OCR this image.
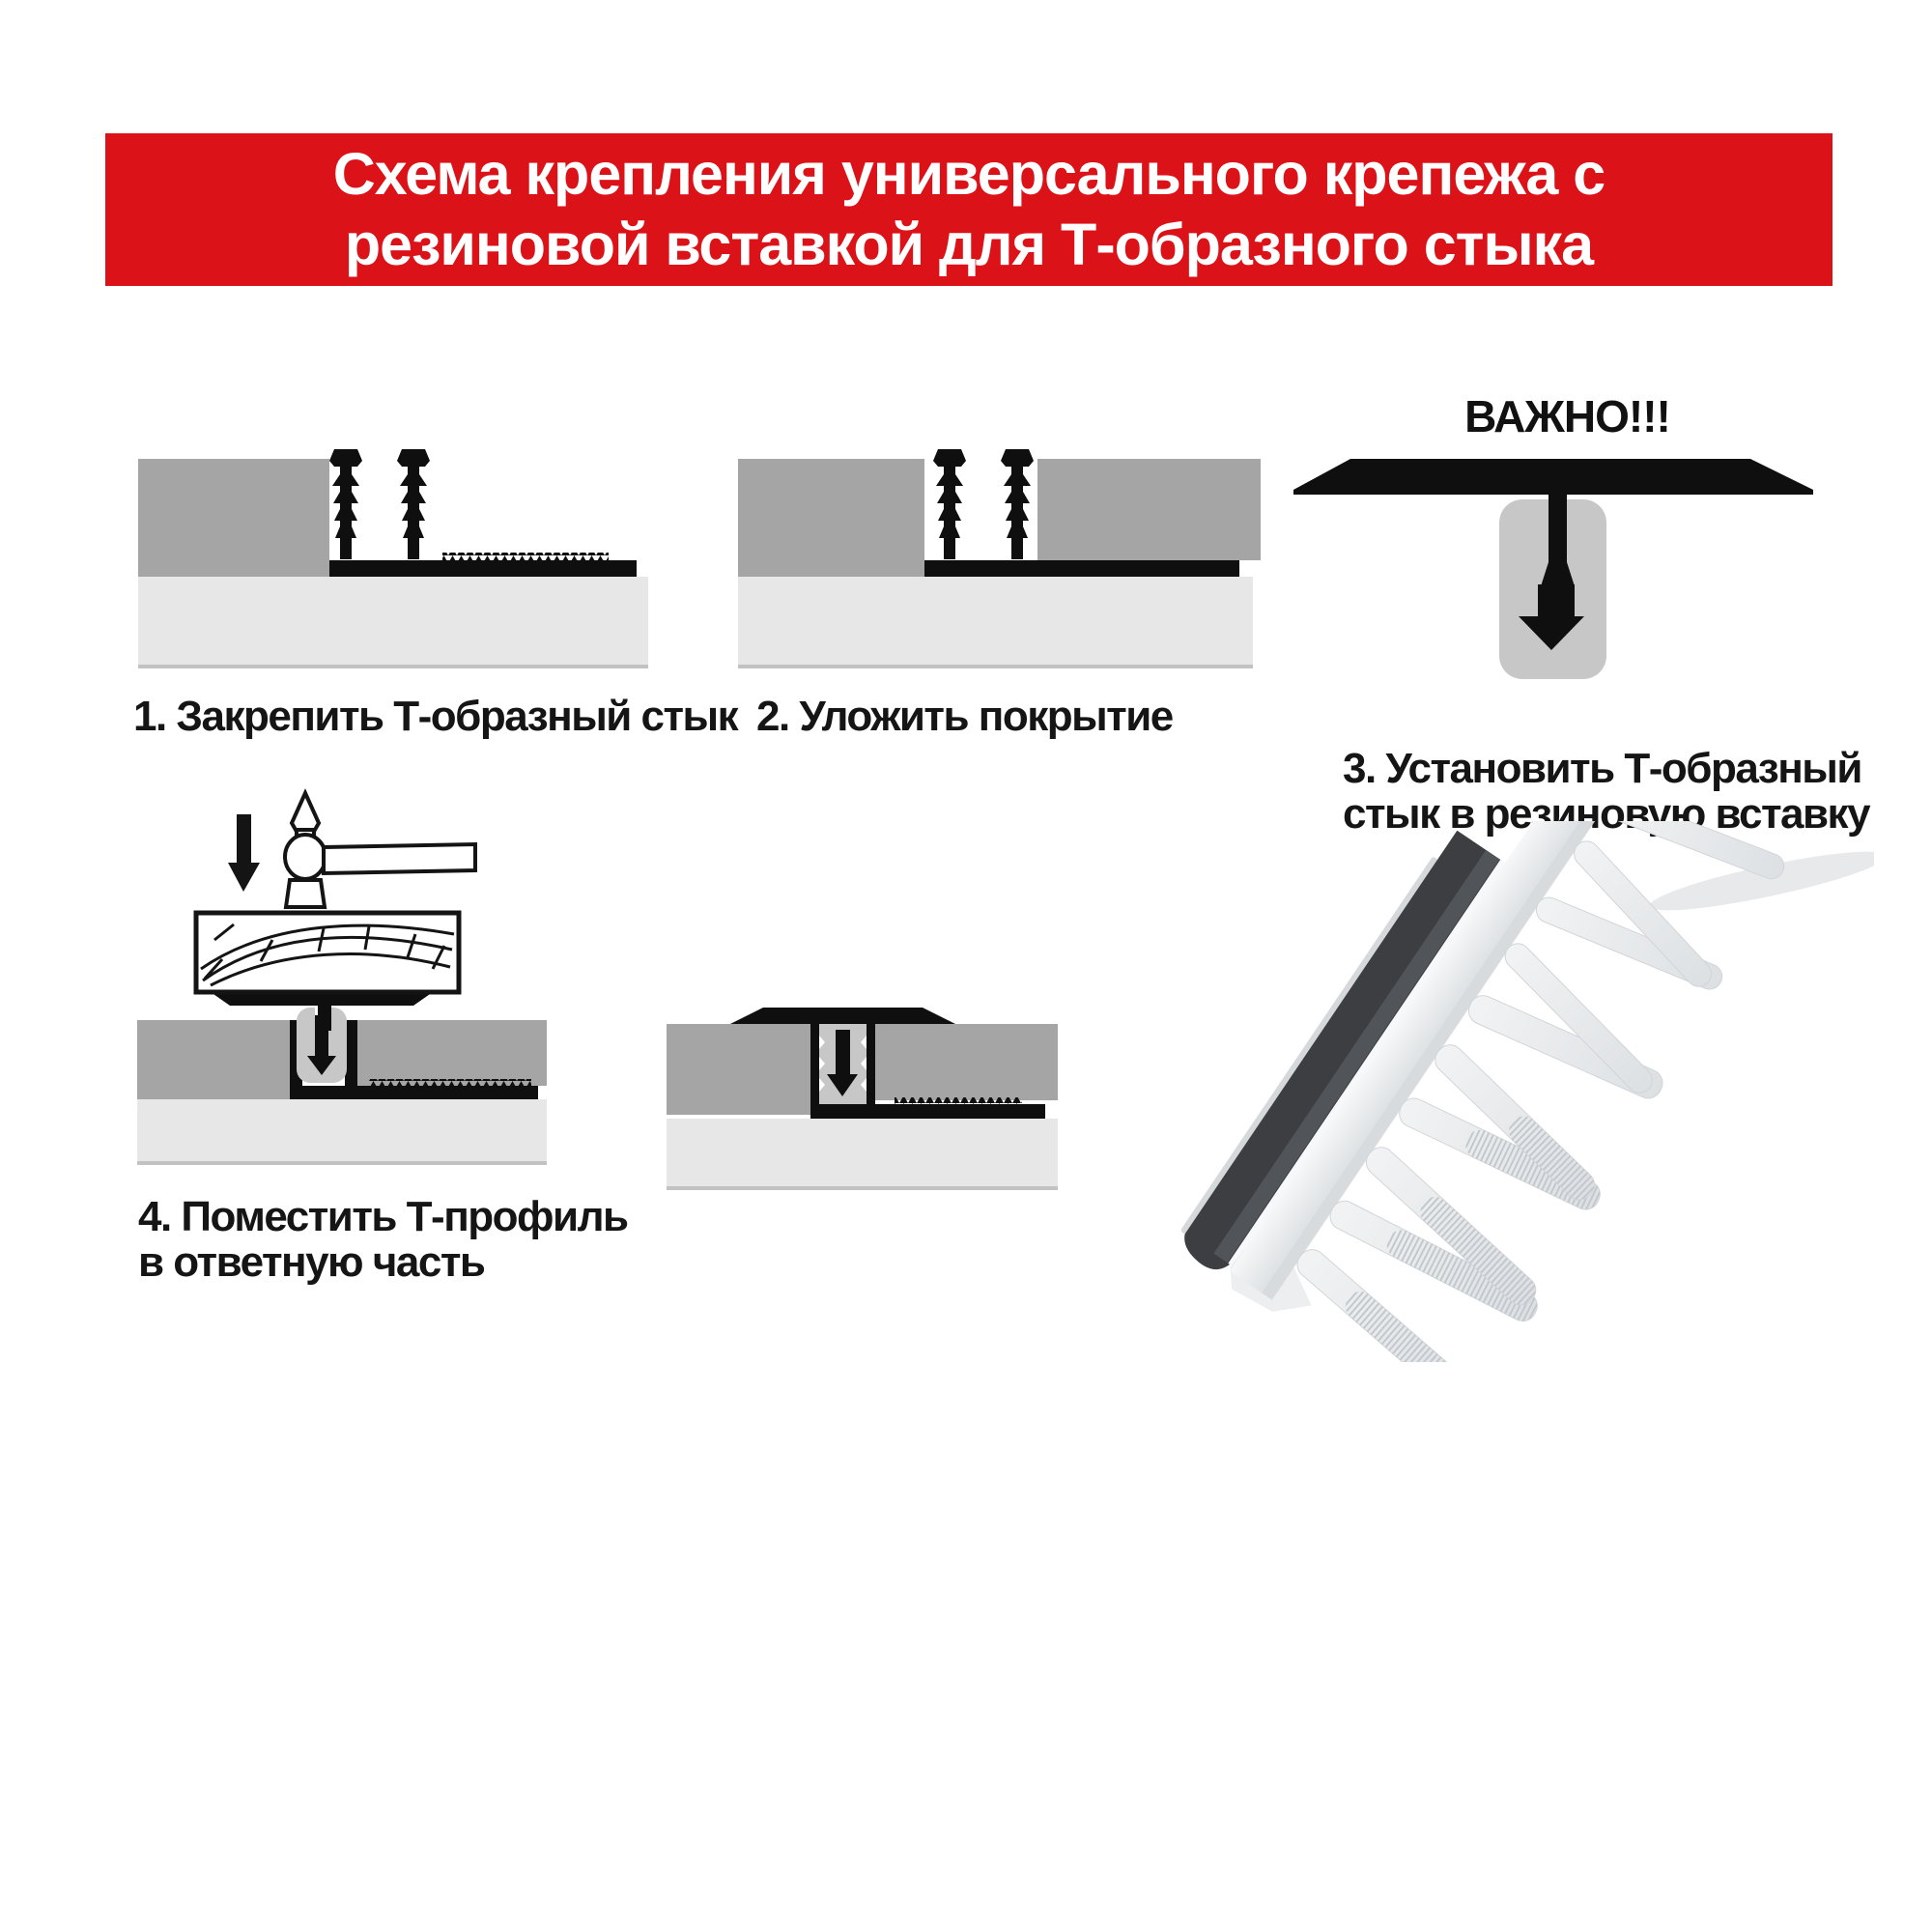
Схема крепления универсального крепежа с
резиновой вставкой для Т-образного стыка
1. Закрепить Т-образный стык 2. Уложить покрытие
ВАЖНО!!!
3. Установить Т-образный
стык в резиновую вставку
4. Поместить Т-профиль
в ответную часть
